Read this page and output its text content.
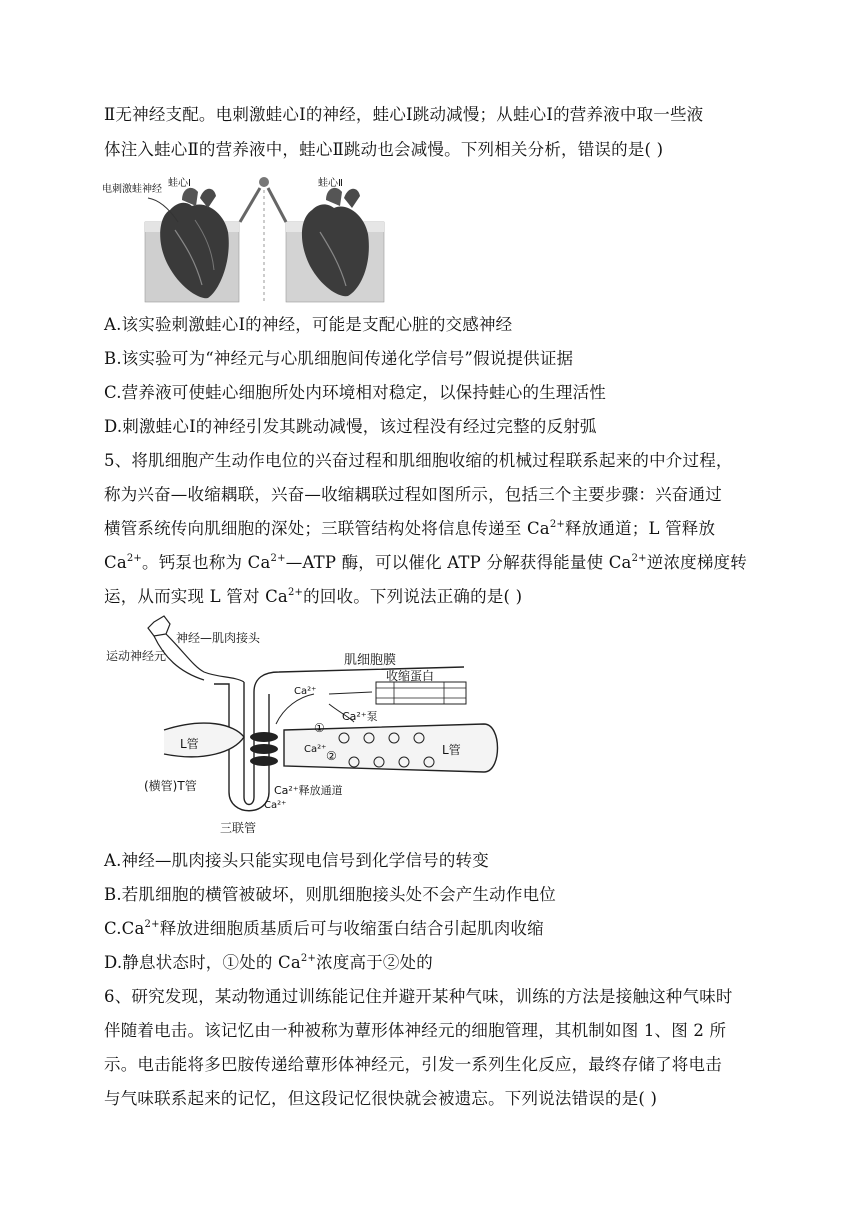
Ⅱ无神经支配。电刺激蛙心Ⅰ的神经，蛙心Ⅰ跳动减慢；从蛙心Ⅰ的营养液中取一些液
体注入蛙心Ⅱ的营养液中，蛙心Ⅱ跳动也会减慢。下列相关分析，错误的是( )
电刺激蛙神经
蛙心Ⅰ	蛙心Ⅱ
A.该实验刺激蛙心Ⅰ的神经，可能是支配心脏的交感神经
B.该实验可为“神经元与心肌细胞间传递化学信号”假说提供证据
C.营养液可使蛙心细胞所处内环境相对稳定，以保持蛙心的生理活性
D.刺激蛙心Ⅰ的神经引发其跳动减慢，该过程没有经过完整的反射弧
5、将肌细胞产生动作电位的兴奋过程和肌细胞收缩的机械过程联系起来的中介过程，
称为兴奋—收缩耦联，兴奋—收缩耦联过程如图所示，包括三个主要步骤：兴奋通过
横管系统传向肌细胞的深处；三联管结构处将信息传递至 $Ca^{2+}$释放通道；L 管释放
$Ca^{2+}$。钙泵也称为 $Ca^{2+}—ATP$ 酶，可以催化 ATP 分解获得能量使 $Ca^{2+}$逆浓度梯度转
运，从而实现 L 管对 $Ca^{2+}$的回收。下列说法正确的是( )
肌细胞膜
神经—肌肉接头
运动神经元
收缩蛋白
Ca²⁺
Ca²⁺泵
①
②
Ca²⁺
L管	L管
(横管)T管	Ca²⁺释放通道
Ca²⁺
三联管
A.神经—肌肉接头只能实现电信号到化学信号的转变
B.若肌细胞的横管被破坏，则肌细胞接头处不会产生动作电位
$C.Ca^{2+}$释放进细胞质基质后可与收缩蛋白结合引起肌肉收缩
D.静息状态时，①处的 $Ca^{2+}$浓度高于②处的
6、研究发现，某动物通过训练能记住并避开某种气味，训练的方法是接触这种气味时
伴随着电击。该记忆由一种被称为蕈形体神经元的细胞管理，其机制如图 1、图 2 所
示。电击能将多巴胺传递给蕈形体神经元，引发一系列生化反应，最终存储了将电击
与气味联系起来的记忆，但这段记忆很快就会被遗忘。下列说法错误的是( )
